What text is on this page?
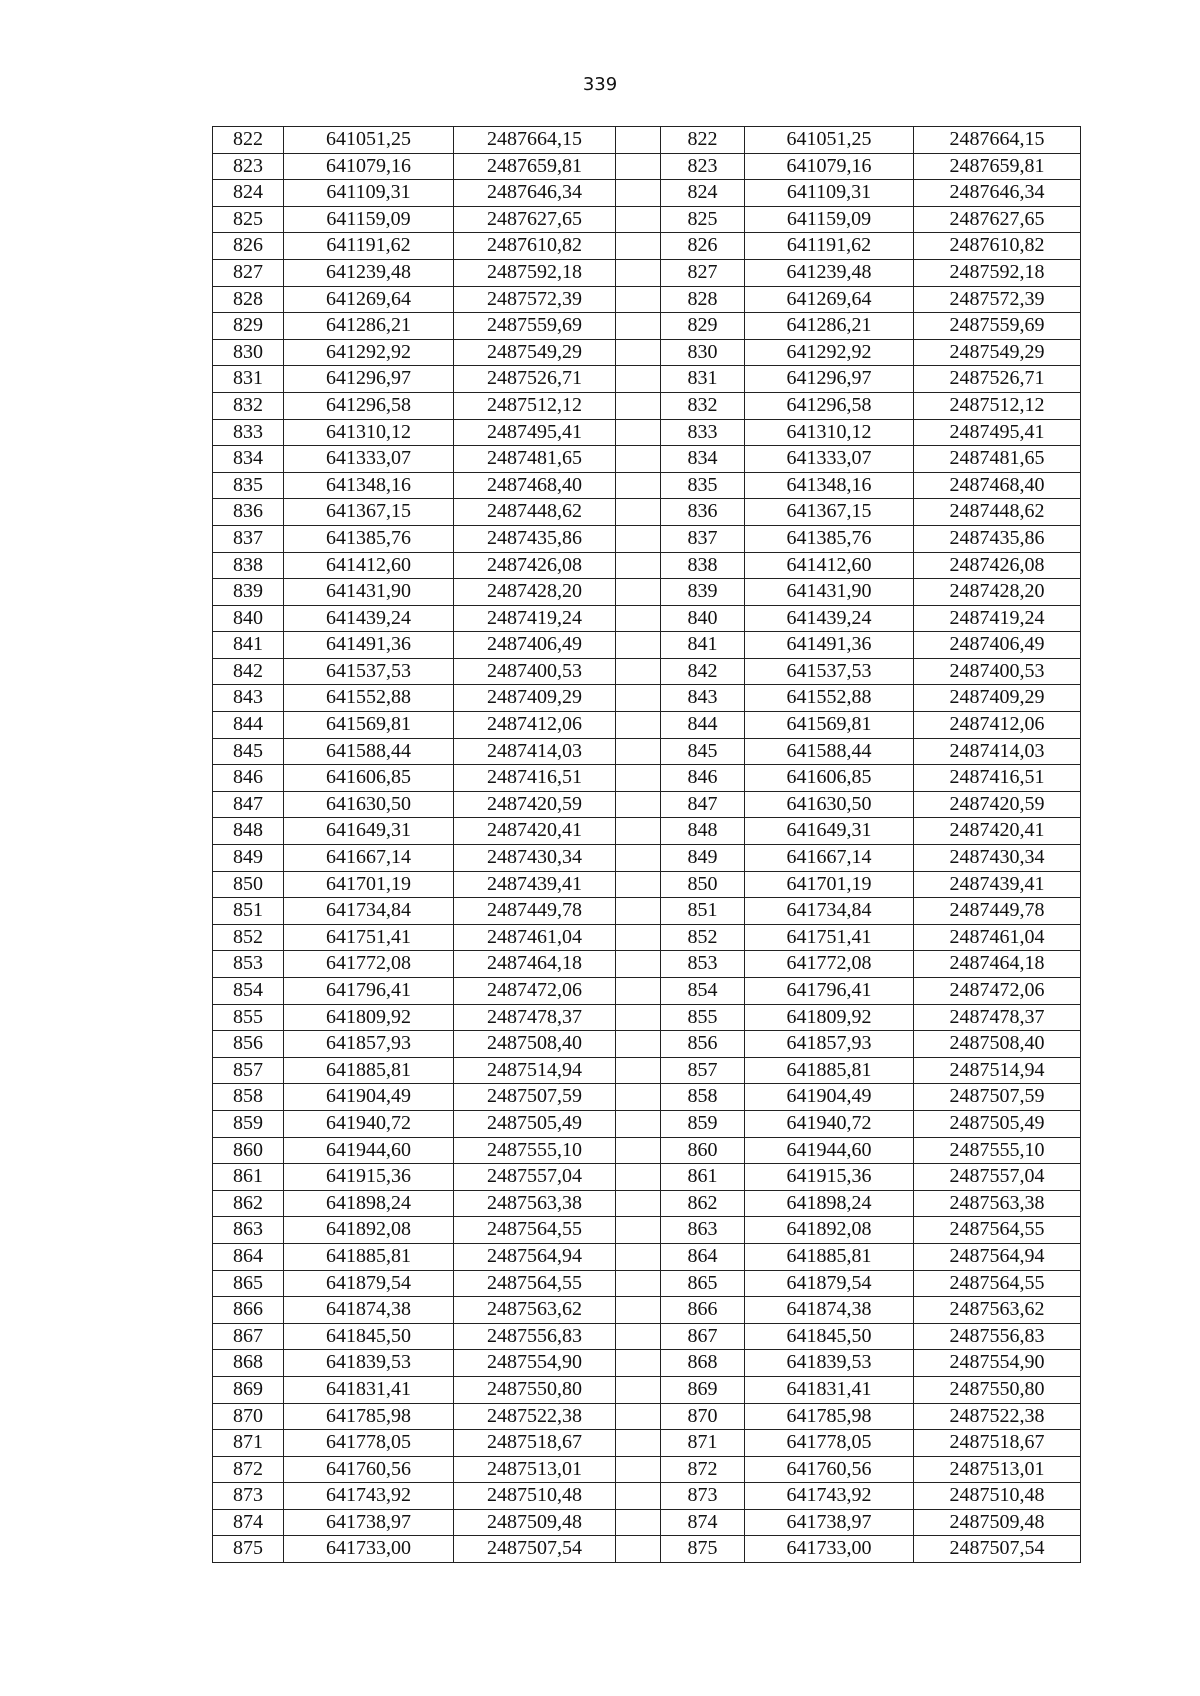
339
822	641051,25	2487664,15		822	641051,25	2487664,15
823	641079,16	2487659,81		823	641079,16	2487659,81
824	641109,31	2487646,34		824	641109,31	2487646,34
825	641159,09	2487627,65		825	641159,09	2487627,65
826	641191,62	2487610,82		826	641191,62	2487610,82
827	641239,48	2487592,18		827	641239,48	2487592,18
828	641269,64	2487572,39		828	641269,64	2487572,39
829	641286,21	2487559,69		829	641286,21	2487559,69
830	641292,92	2487549,29		830	641292,92	2487549,29
831	641296,97	2487526,71		831	641296,97	2487526,71
832	641296,58	2487512,12		832	641296,58	2487512,12
833	641310,12	2487495,41		833	641310,12	2487495,41
834	641333,07	2487481,65		834	641333,07	2487481,65
835	641348,16	2487468,40		835	641348,16	2487468,40
836	641367,15	2487448,62		836	641367,15	2487448,62
837	641385,76	2487435,86		837	641385,76	2487435,86
838	641412,60	2487426,08		838	641412,60	2487426,08
839	641431,90	2487428,20		839	641431,90	2487428,20
840	641439,24	2487419,24		840	641439,24	2487419,24
841	641491,36	2487406,49		841	641491,36	2487406,49
842	641537,53	2487400,53		842	641537,53	2487400,53
843	641552,88	2487409,29		843	641552,88	2487409,29
844	641569,81	2487412,06		844	641569,81	2487412,06
845	641588,44	2487414,03		845	641588,44	2487414,03
846	641606,85	2487416,51		846	641606,85	2487416,51
847	641630,50	2487420,59		847	641630,50	2487420,59
848	641649,31	2487420,41		848	641649,31	2487420,41
849	641667,14	2487430,34		849	641667,14	2487430,34
850	641701,19	2487439,41		850	641701,19	2487439,41
851	641734,84	2487449,78		851	641734,84	2487449,78
852	641751,41	2487461,04		852	641751,41	2487461,04
853	641772,08	2487464,18		853	641772,08	2487464,18
854	641796,41	2487472,06		854	641796,41	2487472,06
855	641809,92	2487478,37		855	641809,92	2487478,37
856	641857,93	2487508,40		856	641857,93	2487508,40
857	641885,81	2487514,94		857	641885,81	2487514,94
858	641904,49	2487507,59		858	641904,49	2487507,59
859	641940,72	2487505,49		859	641940,72	2487505,49
860	641944,60	2487555,10		860	641944,60	2487555,10
861	641915,36	2487557,04		861	641915,36	2487557,04
862	641898,24	2487563,38		862	641898,24	2487563,38
863	641892,08	2487564,55		863	641892,08	2487564,55
864	641885,81	2487564,94		864	641885,81	2487564,94
865	641879,54	2487564,55		865	641879,54	2487564,55
866	641874,38	2487563,62		866	641874,38	2487563,62
867	641845,50	2487556,83		867	641845,50	2487556,83
868	641839,53	2487554,90		868	641839,53	2487554,90
869	641831,41	2487550,80		869	641831,41	2487550,80
870	641785,98	2487522,38		870	641785,98	2487522,38
871	641778,05	2487518,67		871	641778,05	2487518,67
872	641760,56	2487513,01		872	641760,56	2487513,01
873	641743,92	2487510,48		873	641743,92	2487510,48
874	641738,97	2487509,48		874	641738,97	2487509,48
875	641733,00	2487507,54		875	641733,00	2487507,54
